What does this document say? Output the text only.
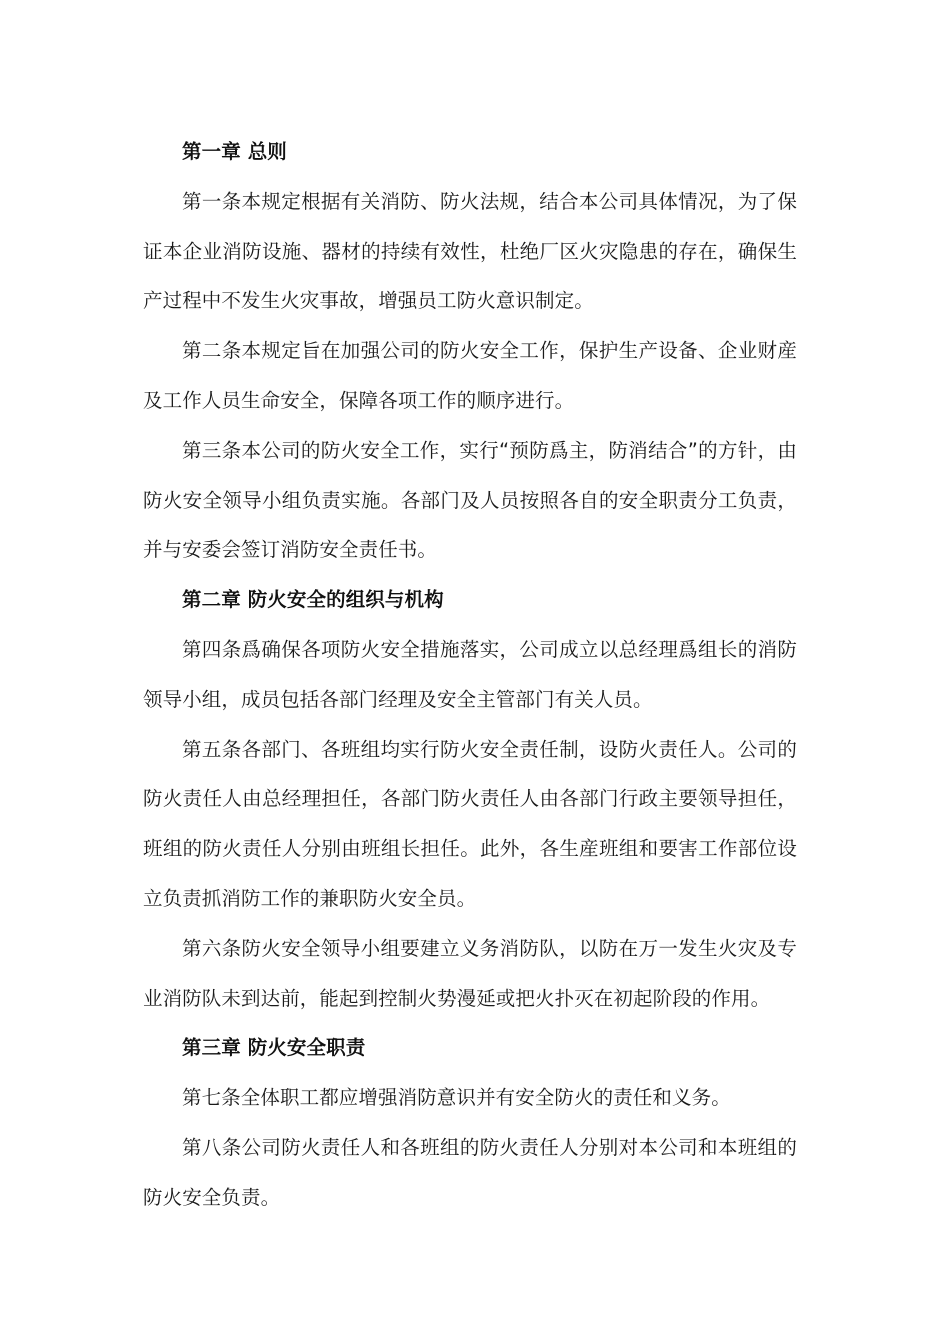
第一章 总则

第一条本规定根据有关消防、防火法规，结合本公司具体情况，为了保证本企业消防设施、器材的持续有效性，杜绝厂区火灾隐患的存在，确保生产过程中不发生火灾事故，增强员工防火意识制定。

第二条本规定旨在加强公司的防火安全工作，保护生产设备、企业财産及工作人员生命安全，保障各项工作的顺序进行。

第三条本公司的防火安全工作，实行“预防爲主，防消结合”的方针，由防火安全领导小组负责实施。各部门及人员按照各自的安全职责分工负责，并与安委会签订消防安全责任书。

第二章 防火安全的组织与机构

第四条爲确保各项防火安全措施落实，公司成立以总经理爲组长的消防领导小组，成员包括各部门经理及安全主管部门有关人员。

第五条各部门、各班组均实行防火安全责任制，设防火责任人。公司的防火责任人由总经理担任，各部门防火责任人由各部门行政主要领导担任，班组的防火责任人分别由班组长担任。此外，各生産班组和要害工作部位设立负责抓消防工作的兼职防火安全员。

第六条防火安全领导小组要建立义务消防队，以防在万一发生火灾及专业消防队未到达前，能起到控制火势漫延或把火扑灭在初起阶段的作用。

第三章 防火安全职责

第七条全体职工都应增强消防意识并有安全防火的责任和义务。

第八条公司防火责任人和各班组的防火责任人分别对本公司和本班组的防火安全负责。
